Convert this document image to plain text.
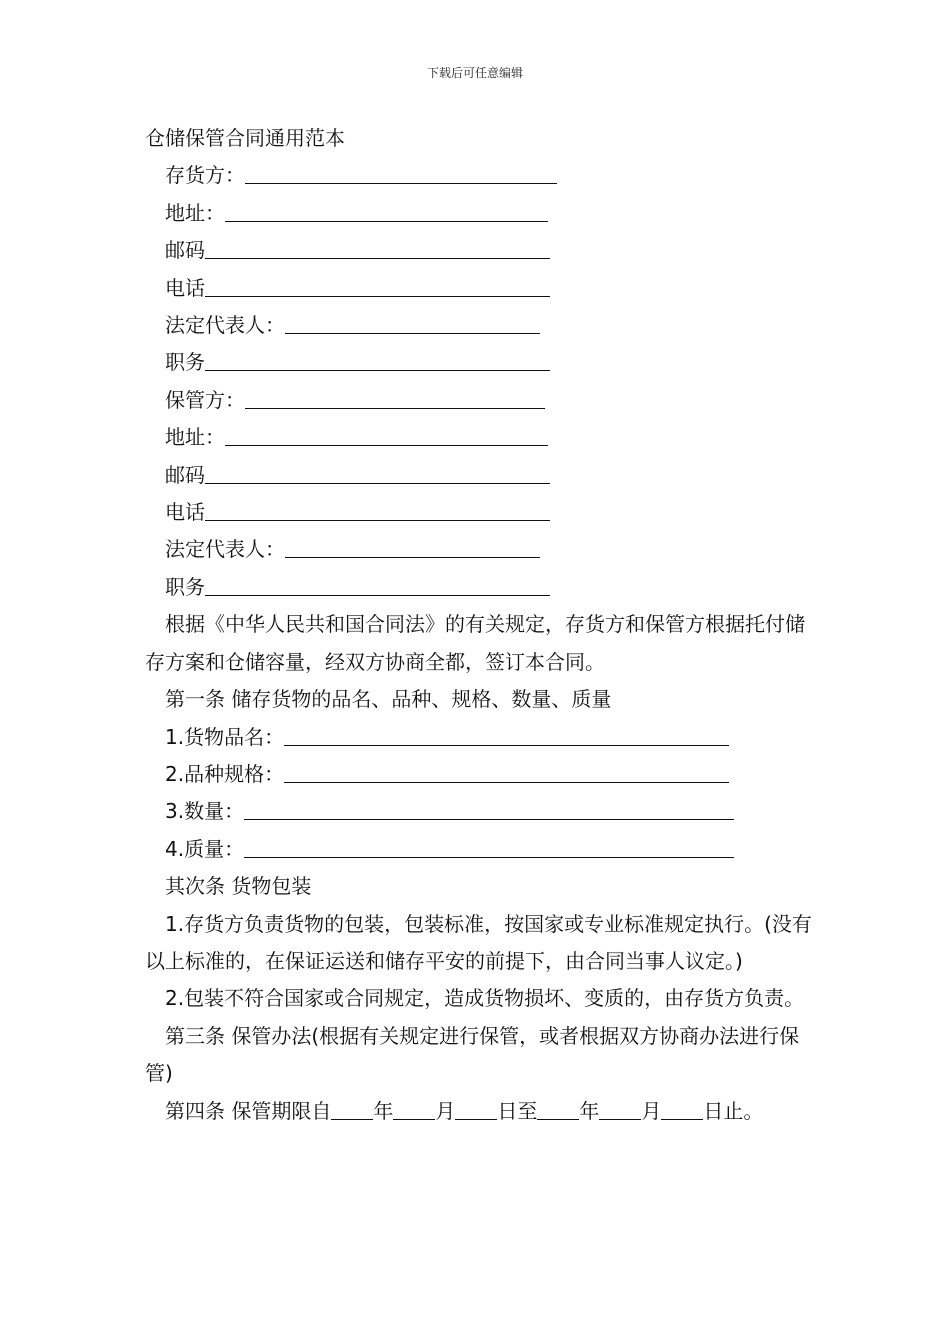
下载后可任意编辑
仓储保管合同通用范本
存货方：
地址：
邮码
电话
法定代表人：
职务
保管方：
地址：
邮码
电话
法定代表人：
职务
根据《中华人民共和国合同法》的有关规定，存货方和保管方根据托付储存方案和仓储容量，经双方协商全都，签订本合同。
第一条 储存货物的品名、品种、规格、数量、质量
1.货物品名：
2.品种规格：
3.数量：
4.质量：
其次条 货物包装
1.存货方负责货物的包装，包装标准，按国家或专业标准规定执行。(没有以上标准的，在保证运送和储存平安的前提下，由合同当事人议定。)
2.包装不符合国家或合同规定，造成货物损坏、变质的，由存货方负责。
第三条 保管办法(根据有关规定进行保管，或者根据双方协商办法进行保管)
第四条 保管期限自 年 月 日至 年 月 日止。
